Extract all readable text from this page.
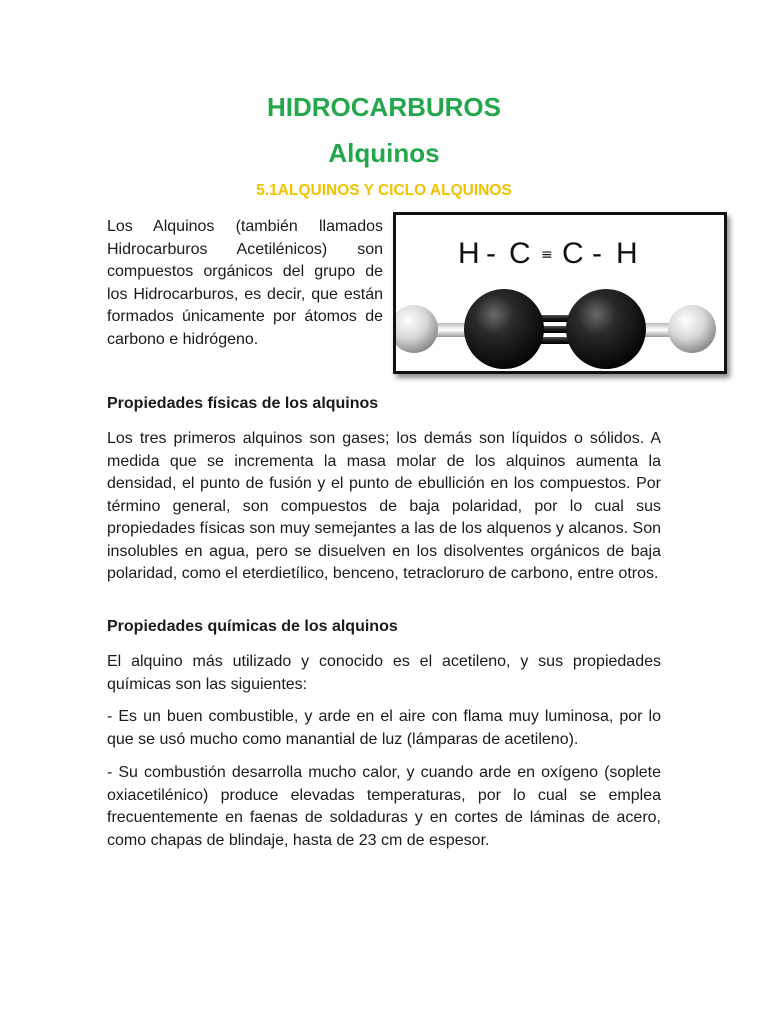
HIDROCARBUROS
Alquinos
5.1ALQUINOS Y CICLO ALQUINOS

Los Alquinos (también llamados Hidrocarburos Acetilénicos) son compuestos orgánicos del grupo de los Hidrocarburos, es decir, que están formados únicamente por átomos de carbono e hidrógeno.

H - C ≡ C - H
Propiedades físicas de los alquinos

Los tres primeros alquinos son gases; los demás son líquidos o sólidos. A medida que se incrementa la masa molar de los alquinos aumenta la densidad, el punto de fusión y el punto de ebullición en los compuestos. Por término general, son compuestos de baja polaridad, por lo cual sus propiedades físicas son muy semejantes a las de los alquenos y alcanos. Son insolubles en agua, pero se disuelven en los disolventes orgánicos de baja polaridad, como el eterdietílico, benceno, tetracloruro de carbono, entre otros.

Propiedades químicas de los alquinos

El alquino más utilizado y conocido es el acetileno, y sus propiedades químicas son las siguientes:

- Es un buen combustible, y arde en el aire con flama muy luminosa, por lo que se usó mucho como manantial de luz (lámparas de acetileno).

- Su combustión desarrolla mucho calor, y cuando arde en oxígeno (soplete oxiacetilénico) produce elevadas temperaturas, por lo cual se emplea frecuentemente en faenas de soldaduras y en cortes de láminas de acero, como chapas de blindaje, hasta de 23 cm de espesor.
